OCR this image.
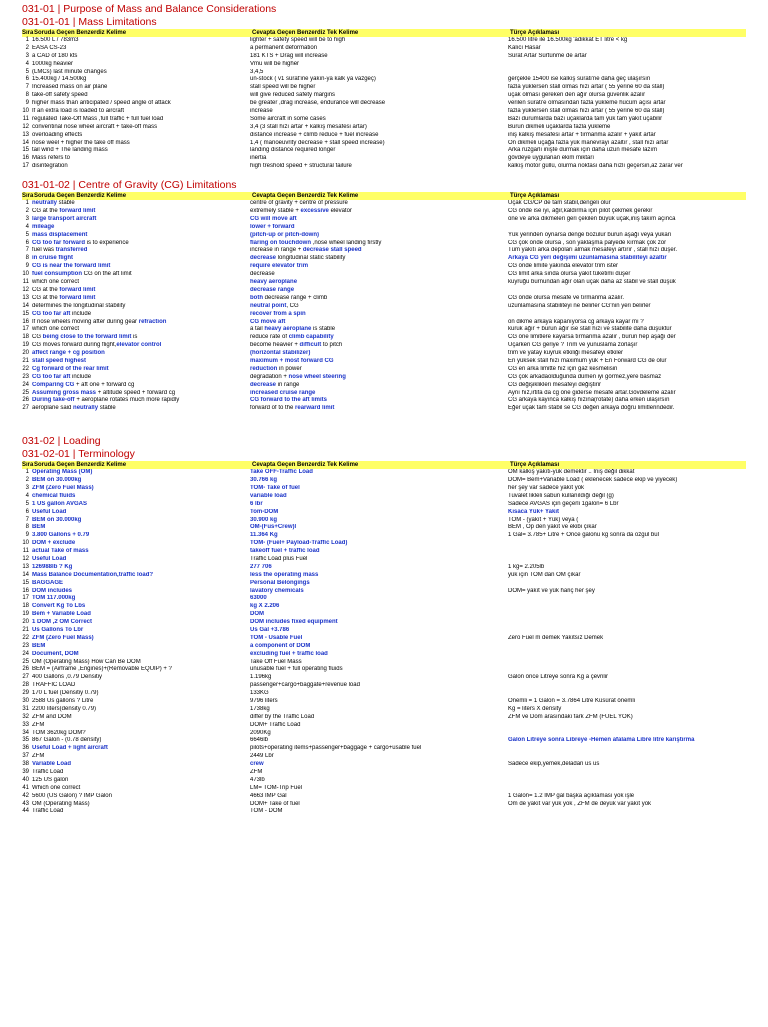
031-01 | Purpose of Mass and Balance Considerations
031-01-01 | Mass Limitations
Sıra Soruda Geçen Benzerdiz Kelime	Cevapta Geçen Benzerdiz Tek Kelime	Türçe Açıklaması
1 16.500 L / 783m3	lighter + safety speed will be to high	16.500 litre ile 16.500kg 'adikkat ET litre < kg
2 EASA CS-23	a permanent deformation	Kalıcı Hasar
3 a CAD of 180 kts	181 KTS + Drag will increase	Sürat Artar Sürtünme de artar
4 1000kg heavier	Vmu will be higher
5 (LMCs) last minute changes	3,4,5
6 15.400kg / 14.500kg	un-stock ( v1 sürat'ine yakın-ya kalk ya vazgeç)	gerçekle 15400 ise kalkış sürati'ne daha geç ulaşırsın
7 Increased mass on air plane	stall speed will be higher	fazla yüklersen stall olmas hızı artar ( 55 yerine 60 da stall)
8 take-off safety speed	will give reduced safety margins	uçak olması gereken den ağır olursa güvenlik azalır
9 higher mass than anticipated / speed angle of attack	be greater ,drag increase, endurance will decrease	verilen sürati'e olmasından fazla yükleme hücüm açısı artar
10 If an extra load is loaded to aircraft	increase	fazla yüklersen stall olmas hızı artar ( 55 yerine 60 da stall)
11 regulated Take-Off Mass ,full traffic + full fuel load	Some aircraft in some cases	Bazı durumlarda bazı uçaklarda tam yük tam yakıt uçabilir
12 conventinal nose wheel aircraft + take-off mass	3,4 (3 stall hızı artar + kalkış mesafesi artar)	Burun dikmeli uçaklarda fazla yükleme
13 overloading effects	distance increase + climb reduce + fuel increase	iniş kalkış mesafesi artar + tırmanma azalır + yakıt artar
14 nose weel + higher the take off mass	1,4 ( manoeuvrity decrease + stall speed increase)	Ön dikmeli uçağa fazla yük manevrayı azaltır , stall hızı artar
15 tail wind + The landing mass	landing distance required longer	Arka rüzgarlı inişte durmak için daha uzun mesafe lazım
16 Mass refers to	inertia	gövdeye uygulanan ekim miktarı
17 disintegration	high treshold speed + structural failure	kalkış motor güllü, olurma noktası daha hızlı geçersin,az zarar ver
031-01-02 | Centre of Gravity (CG) Limitations
Sıra Soruda Geçen Benzerdiz Kelime	Cevapta Geçen Benzerdiz Tek Kelime	Türçe Açıklaması
1 neutrally stable	centre of gravity + centre of pressure	Uçak CG/CP de tam stabil,dengeli olur
2 CG at the forward limit	extremely stable + excessive elevator	CG önde ise iyi, ağır,kaldırma için pilot çekmek gerekir
3 large transport aircraft	CG will move aft	öne ve arka dikmeleri geri çekilen büyük uçak,iniş takım açınca
4 mileage	lower + forward
5 mass displacement	(pitch-up or pitch-down)	Yük yerinden oynarsa denge bozulur burun aşağı veya yukarı
6 CG too far forward is to experience	flaring on touchdown ,nose wheel landing firstly	CG çok önde olursa , son yaklaşma palyede kırmak çok zor
7 fuel was transferred	increase in range + decrease stall speed	Tüm yakıtı arka depoları almak mesafeyi artırır , stall hızı düşer.
8 in cruise flight	decrease longitudinal static stability	Arkaya CG yeri değişimi uzunlamasına stabiliteyi azaltır
9 CG is near the forward limit	require elevator trim	CG önde limite yakında elevatör trim ister
10 fuel consumption CG on the aft limit	decrease	CG limit arka sında olursa yakıt tüketimi düşer
11 which one correct	heavy aeroplane	kuyruğu burnundan ağır olan uçak daha az stabil ve stall düşük
12 CG at the forward limit	decrease range
13 CG at the forward limit	both decrease range + climb	CG önde olursa mesafe ve tırmanma azalır.
14 determines the longitudinal stability	neutral point, CG	uzunlamasına stabiliteyi ne belirler CG'nin yeri belirler
15 CG too far aft include	recover from a spin
16 If nose wheels moving after during gear refraction	CG move aft	ön dikme arkaya kapanıyorsa cg arkaya kayar mı ?
17 which one correct	a tail heavy aeroplane is stable	kuruk ağır + burun ağır ise stall hızı ve stabilite daha düşüktür
18 CG being close to the forward limit is	reduce rate of climb capability	CG öne limitlere kayarsa tırmanma azalır , burun hep aşağı der
19 CG moves forward during flight,elevator control	become heavier + difficult to pitch	Uçarken CG geriye ? Trim ve yunuslama zorlaşır
20 affect range + cg position	(horizontal stabilizer)	trim ve yatay kuyruk etkiliği mesafeyi etkiler
21 stall speed highest	maximum + most forward CG	En yüksek stall hızı maximum yük + En Forward CG de olur
22 Cg forward of the rear limit	reduction in power	CG en arka limitte hız için gaz kesmelisin
23 CG too far aft include	degradation + nose wheel steering	CG çok arkadaolduğunda dümen iyi görmez,yere basmaz
24 Comparing CG + aft one + forward cg	decrease in range	CG değişiklikleri mesafeyi değiştirir
25 Assuming gross mass + altitude speed + forward cg	increased cruise range	Aynı hız,irtifa da cg öne giderse mesafe artar.Gövdeleme azalır
26 During take-off + aeroplane rotates much more rapidly	CG forward to the aft limits	CG arkaya kayınca kalkış hızına(rotate) daha erken ulaşırsın
27 aeroplane said neutrally stable	forward of to the rearward limit	Eğer uçak tam stabil se CG değeri arkaya doğru limitlerindedir.
031-02 | Loading
031-02-01 | Terminology
Sıra Soruda Geçen Benzerdiz Kelime	Cevapta Geçen Benzerdiz Tek Kelime	Türçe Açıklaması
1 Operating Mass (OM)	Take OFF-Traffic Load	OM kalkış yakıtı-yük demektir .. İniş değil dikkat
2 BEM on 30.000kg	30.766 kg	DOM= Bem+Variable Load ( eklenecek sadece ekip ve yiyecek)
3 ZFM (Zero Fuel Mass)	TOM- Take of fuel	her şey var sadece yakıt yok
4 chemical fluids	variable load	Tuvalet likleli sabun kullanıldığı değil (g)
5 1 US gallon AVGAS	6 lbr	Sadece AVGAS için geçerli 1galon= 6 Lbr
6 Useful Load	Tom-DOM	Kısaca Yük+ Yakıt
7 BEM on 30.000kg	30.900 kg	TOM - (yakıt + Yük) veya (
8 BEM	OM-(Fus+Crew)l	BEM , Op den yakıt ve ekibi çıkar
9 3.800 Gallons + 0.79	11.364 Kg	1 Gal= 3.785+ Litre + Once galonu kg sonra da ozgul bul
10 DOM + exclude	TOM- (Fuel+ Payload-Traffic Load)
11 actual Take of mass	takeoff fuel + traffic load
12 Useful Load	Traffic Load plus Fuel
13 126988lb ? Kg	277 706	1 kg= 2.205lb
14 Mass Balance Documentation,traffic load?	less the operating mass	yük için TOM dan OM çıkar
15 BAGGAGE	Personal Belongings
16 DOM includes	lavatory chemicals	DOM= yakıt ve yük hariç her şey
17 TOM 117.000kg	63000
18 Convert Kg To Lbs	kg X 2.206
19 Bem + Variable Load	DOM
20 1 DOM ,2 OM Correct	DOM includes fixed equipment
21 Us Gallons To Lbr	Us Gal +3.786
22 ZFM (Zero Fuel Mass)	TOM - Usable Fuel	Zero Fuel m demek Yakıtsız Demek
23 BEM	a component of DOM
24 Document, DOM	excluding fuel + traffic load
25 OM (Operating Mass) How Can Be DOM	Take Off Fuel Mass
26 BEM = (Airframe ,Engines)+(Removable EQUIP) + ?	unusable fuel + full operating fluids
27 400 Gallons ,0.79 Densitiy	1.196kg	Galon önce Litreye sonra Kg a çevrilir
28 TRAFFIC LOAD	passenger+cargo+baggate+revenue load
29 170 L fuel (Densitiy 0.79)	133KG
30 2588 Us gallons ? Litre	9796 liters	Önemli = 1 Galon = 3.7864 Litre Küsürat önemli
31 2200 liters(density 0.79)	1738kg	Kg = liters X density
32 ZFM and DOM	differ by the Traffic Load	ZFM ve Dom arasındaki fark ZFM (FUEL YOK)
33 ZFM	DOM+ Traffic Load
34 TOM 3620kg DOM?	2090Kg
35 867 Galon - (0.78 density)	6646lb	Galon Litreye sonra Libreye -Hemen afalama Libre litre karıştırma
36 Useful Load + light aircraft	pilots+operating items+passenger+baggage + cargo+usable fuel
37 ZFM	2449 Lbr
38 Variable Load	crew	Sadece ekip,yemek,deladan us us
39 Traffic Load	ZFM
40 125 US galon	473lb
41 Which one correct	LM= TOM-Trip Fuel
42 5600 (US Galon) ? IMP Galon	4663 IMP Gal	1 Galon= 1.2 IMP gal başka açıklaması yok işle
43 OM (Operating Mass)	DOM+ Take of fuel	Om de yakıt var yük yok , ZFM de deyük var yakıt yok
44 Traffic Load	TOM - DOM
